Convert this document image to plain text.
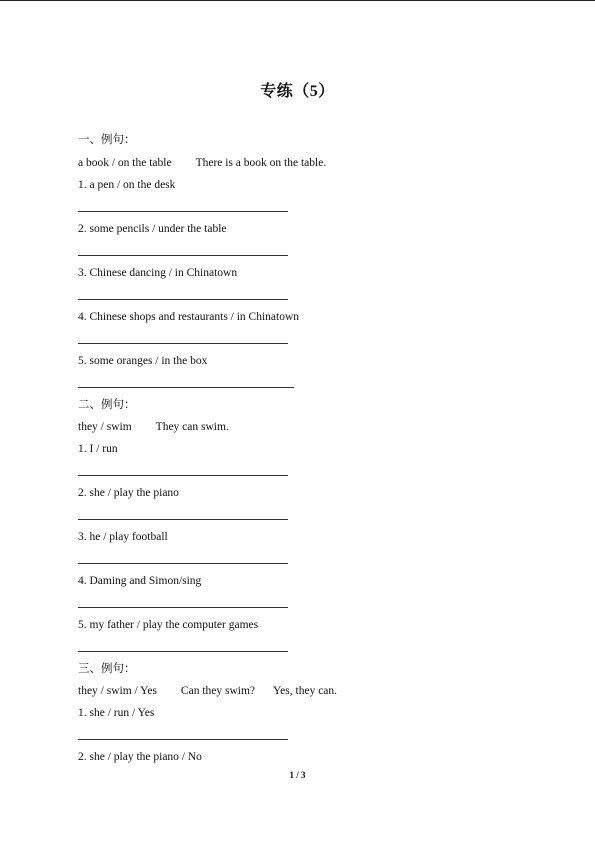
专练（5）
一、例句：
a book / on the table There is a book on the table.
1. a pen / on the desk
2. some pencils / under the table
3. Chinese dancing / in Chinatown
4. Chinese shops and restaurants / in Chinatown
5. some oranges / in the box
二、例句：
they / swim They can swim.
1. I / run
2. she / play the piano
3. he / play football
4. Daming and Simon/sing
5. my father / play the computer games
三、例句：
they / swim / Yes Can they swim? Yes, they can.
1. she / run / Yes
2. she / play the piano / No
1 / 3
